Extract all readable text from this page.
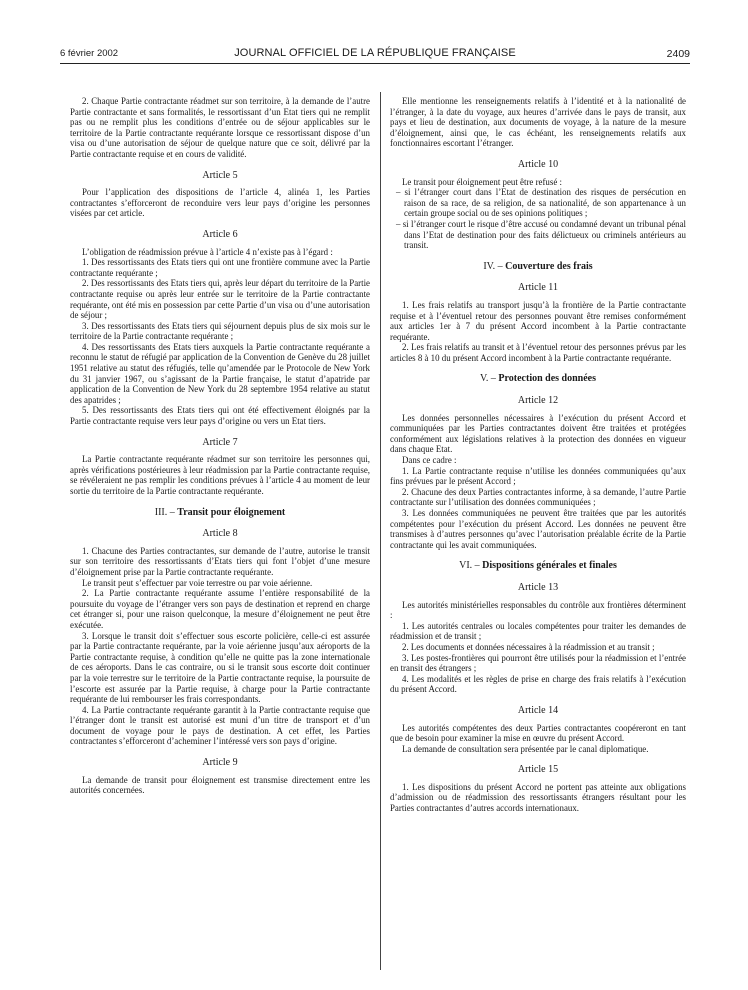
6 février 2002	JOURNAL OFFICIEL DE LA RÉPUBLIQUE FRANÇAISE	2409

2. Chaque Partie contractante réadmet sur son territoire, à la demande de l’autre Partie contractante et sans formalités, le ressortissant d’un Etat tiers qui ne remplit pas ou ne remplit plus les conditions d’entrée ou de séjour applicables sur le territoire de la Partie contractante requérante lorsque ce ressortissant dispose d’un visa ou d’une autorisation de séjour de quelque nature que ce soit, délivré par la Partie contractante requise et en cours de validité.

Article 5

Pour l’application des dispositions de l’article 4, alinéa 1, les Parties contractantes s’efforceront de reconduire vers leur pays d’origine les personnes visées par cet article.

Article 6

L’obligation de réadmission prévue à l’article 4 n’existe pas à l’égard :

1. Des ressortissants des Etats tiers qui ont une frontière commune avec la Partie contractante requérante ;

2. Des ressortissants des Etats tiers qui, après leur départ du territoire de la Partie contractante requise ou après leur entrée sur le territoire de la Partie contractante requérante, ont été mis en possession par cette Partie d’un visa ou d’une autorisation de séjour ;

3. Des ressortissants des Etats tiers qui séjournent depuis plus de six mois sur le territoire de la Partie contractante requérante ;

4. Des ressortissants des Etats tiers auxquels la Partie contractante requérante a reconnu le statut de réfugié par application de la Convention de Genève du 28 juillet 1951 relative au statut des réfugiés, telle qu’amendée par le Protocole de New York du 31 janvier 1967, ou s’agissant de la Partie française, le statut d’apatride par application de la Convention de New York du 28 septembre 1954 relative au statut des apatrides ;

5. Des ressortissants des Etats tiers qui ont été effectivement éloignés par la Partie contractante requise vers leur pays d’origine ou vers un Etat tiers.

Article 7

La Partie contractante requérante réadmet sur son territoire les personnes qui, après vérifications postérieures à leur réadmission par la Partie contractante requise, se révéleraient ne pas remplir les conditions prévues à l’article 4 au moment de leur sortie du territoire de la Partie contractante requérante.

III. – Transit pour éloignement
Article 8

1. Chacune des Parties contractantes, sur demande de l’autre, autorise le transit sur son territoire des ressortissants d’Etats tiers qui font l’objet d’une mesure d’éloignement prise par la Partie contractante requérante.

Le transit peut s’effectuer par voie terrestre ou par voie aérienne.

2. La Partie contractante requérante assume l’entière responsabilité de la poursuite du voyage de l’étranger vers son pays de destination et reprend en charge cet étranger si, pour une raison quelconque, la mesure d’éloignement ne peut être exécutée.

3. Lorsque le transit doit s’effectuer sous escorte policière, celle-ci est assurée par la Partie contractante requérante, par la voie aérienne jusqu’aux aéroports de la Partie contractante requise, à condition qu’elle ne quitte pas la zone internationale de ces aéroports. Dans le cas contraire, ou si le transit sous escorte doit continuer par la voie terrestre sur le territoire de la Partie contractante requise, la poursuite de l’escorte est assurée par la Partie requise, à charge pour la Partie contractante requérante de lui rembourser les frais correspondants.

4. La Partie contractante requérante garantit à la Partie contractante requise que l’étranger dont le transit est autorisé est muni d’un titre de transport et d’un document de voyage pour le pays de destination. A cet effet, les Parties contractantes s’efforceront d’acheminer l’intéressé vers son pays d’origine.

Article 9

La demande de transit pour éloignement est transmise directement entre les autorités concernées.

Elle mentionne les renseignements relatifs à l’identité et à la nationalité de l’étranger, à la date du voyage, aux heures d’arrivée dans le pays de transit, aux pays et lieu de destination, aux documents de voyage, à la nature de la mesure d’éloignement, ainsi que, le cas échéant, les renseignements relatifs aux fonctionnaires escortant l’étranger.

Article 10

Le transit pour éloignement peut être refusé :

– si l’étranger court dans l’Etat de destination des risques de persécution en raison de sa race, de sa religion, de sa nationalité, de son appartenance à un certain groupe social ou de ses opinions politiques ;

– si l’étranger court le risque d’être accusé ou condamné devant un tribunal pénal dans l’Etat de destination pour des faits délictueux ou criminels antérieurs au transit.

IV. – Couverture des frais
Article 11

1. Les frais relatifs au transport jusqu’à la frontière de la Partie contractante requise et à l’éventuel retour des personnes pouvant être remises conformément aux articles 1er à 7 du présent Accord incombent à la Partie contractante requérante.

2. Les frais relatifs au transit et à l’éventuel retour des personnes prévus par les articles 8 à 10 du présent Accord incombent à la Partie contractante requérante.

V. – Protection des données
Article 12

Les données personnelles nécessaires à l’exécution du présent Accord et communiquées par les Parties contractantes doivent être traitées et protégées conformément aux législations relatives à la protection des données en vigueur dans chaque Etat.

Dans ce cadre :

1. La Partie contractante requise n’utilise les données communiquées qu’aux fins prévues par le présent Accord ;

2. Chacune des deux Parties contractantes informe, à sa demande, l’autre Partie contractante sur l’utilisation des données communiquées ;

3. Les données communiquées ne peuvent être traitées que par les autorités compétentes pour l’exécution du présent Accord. Les données ne peuvent être transmises à d’autres personnes qu’avec l’autorisation préalable écrite de la Partie contractante qui les avait communiquées.

VI. – Dispositions générales et finales
Article 13

Les autorités ministérielles responsables du contrôle aux frontières déterminent :

1. Les autorités centrales ou locales compétentes pour traiter les demandes de réadmission et de transit ;

2. Les documents et données nécessaires à la réadmission et au transit ;

3. Les postes-frontières qui pourront être utilisés pour la réadmission et l’entrée en transit des étrangers ;

4. Les modalités et les règles de prise en charge des frais relatifs à l’exécution du présent Accord.

Article 14

Les autorités compétentes des deux Parties contractantes coopéreront en tant que de besoin pour examiner la mise en œuvre du présent Accord.

La demande de consultation sera présentée par le canal diplomatique.

Article 15

1. Les dispositions du présent Accord ne portent pas atteinte aux obligations d’admission ou de réadmission des ressortissants étrangers résultant pour les Parties contractantes d’autres accords internationaux.
